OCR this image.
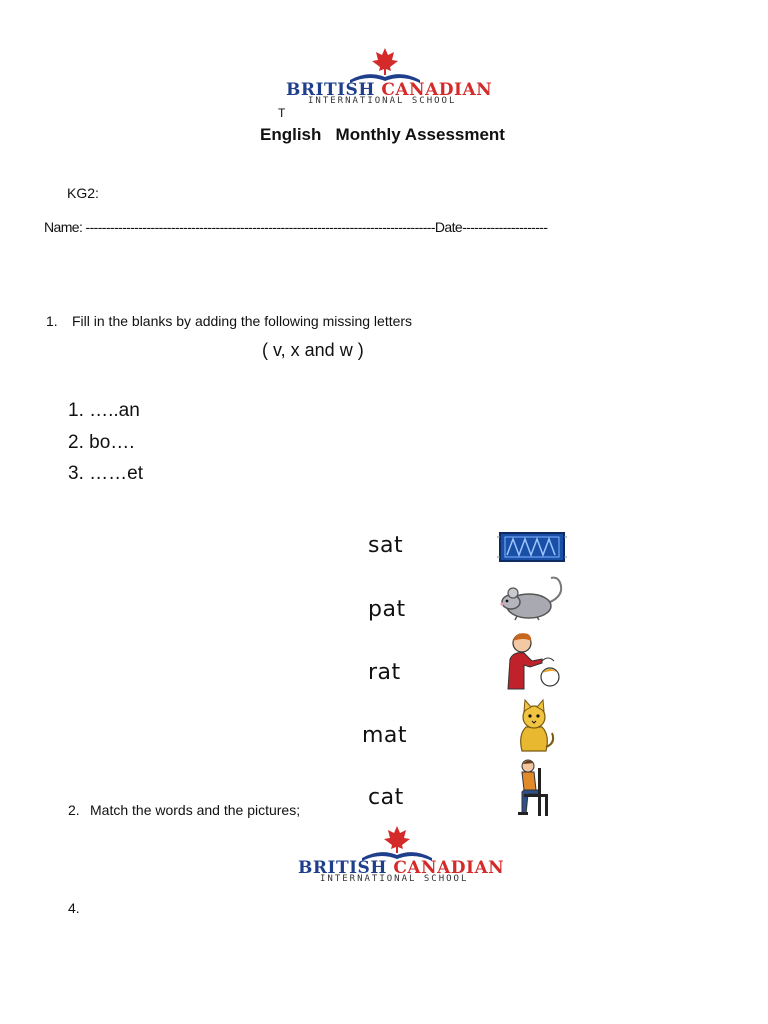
BRITISH CANADIAN
INTERNATIONAL SCHOOL
T
English   Monthly Assessment
KG2:
Name: --------------------------------------------------------------------------------------Date---------------------
1. Fill in the blanks by adding the following missing letters
( v, x and w )
1. …..an
2. bo….
3. ……et
sat
pat
rat
mat
cat
2. Match the words and the pictures;
BRITISH CANADIAN
INTERNATIONAL SCHOOL
4.
